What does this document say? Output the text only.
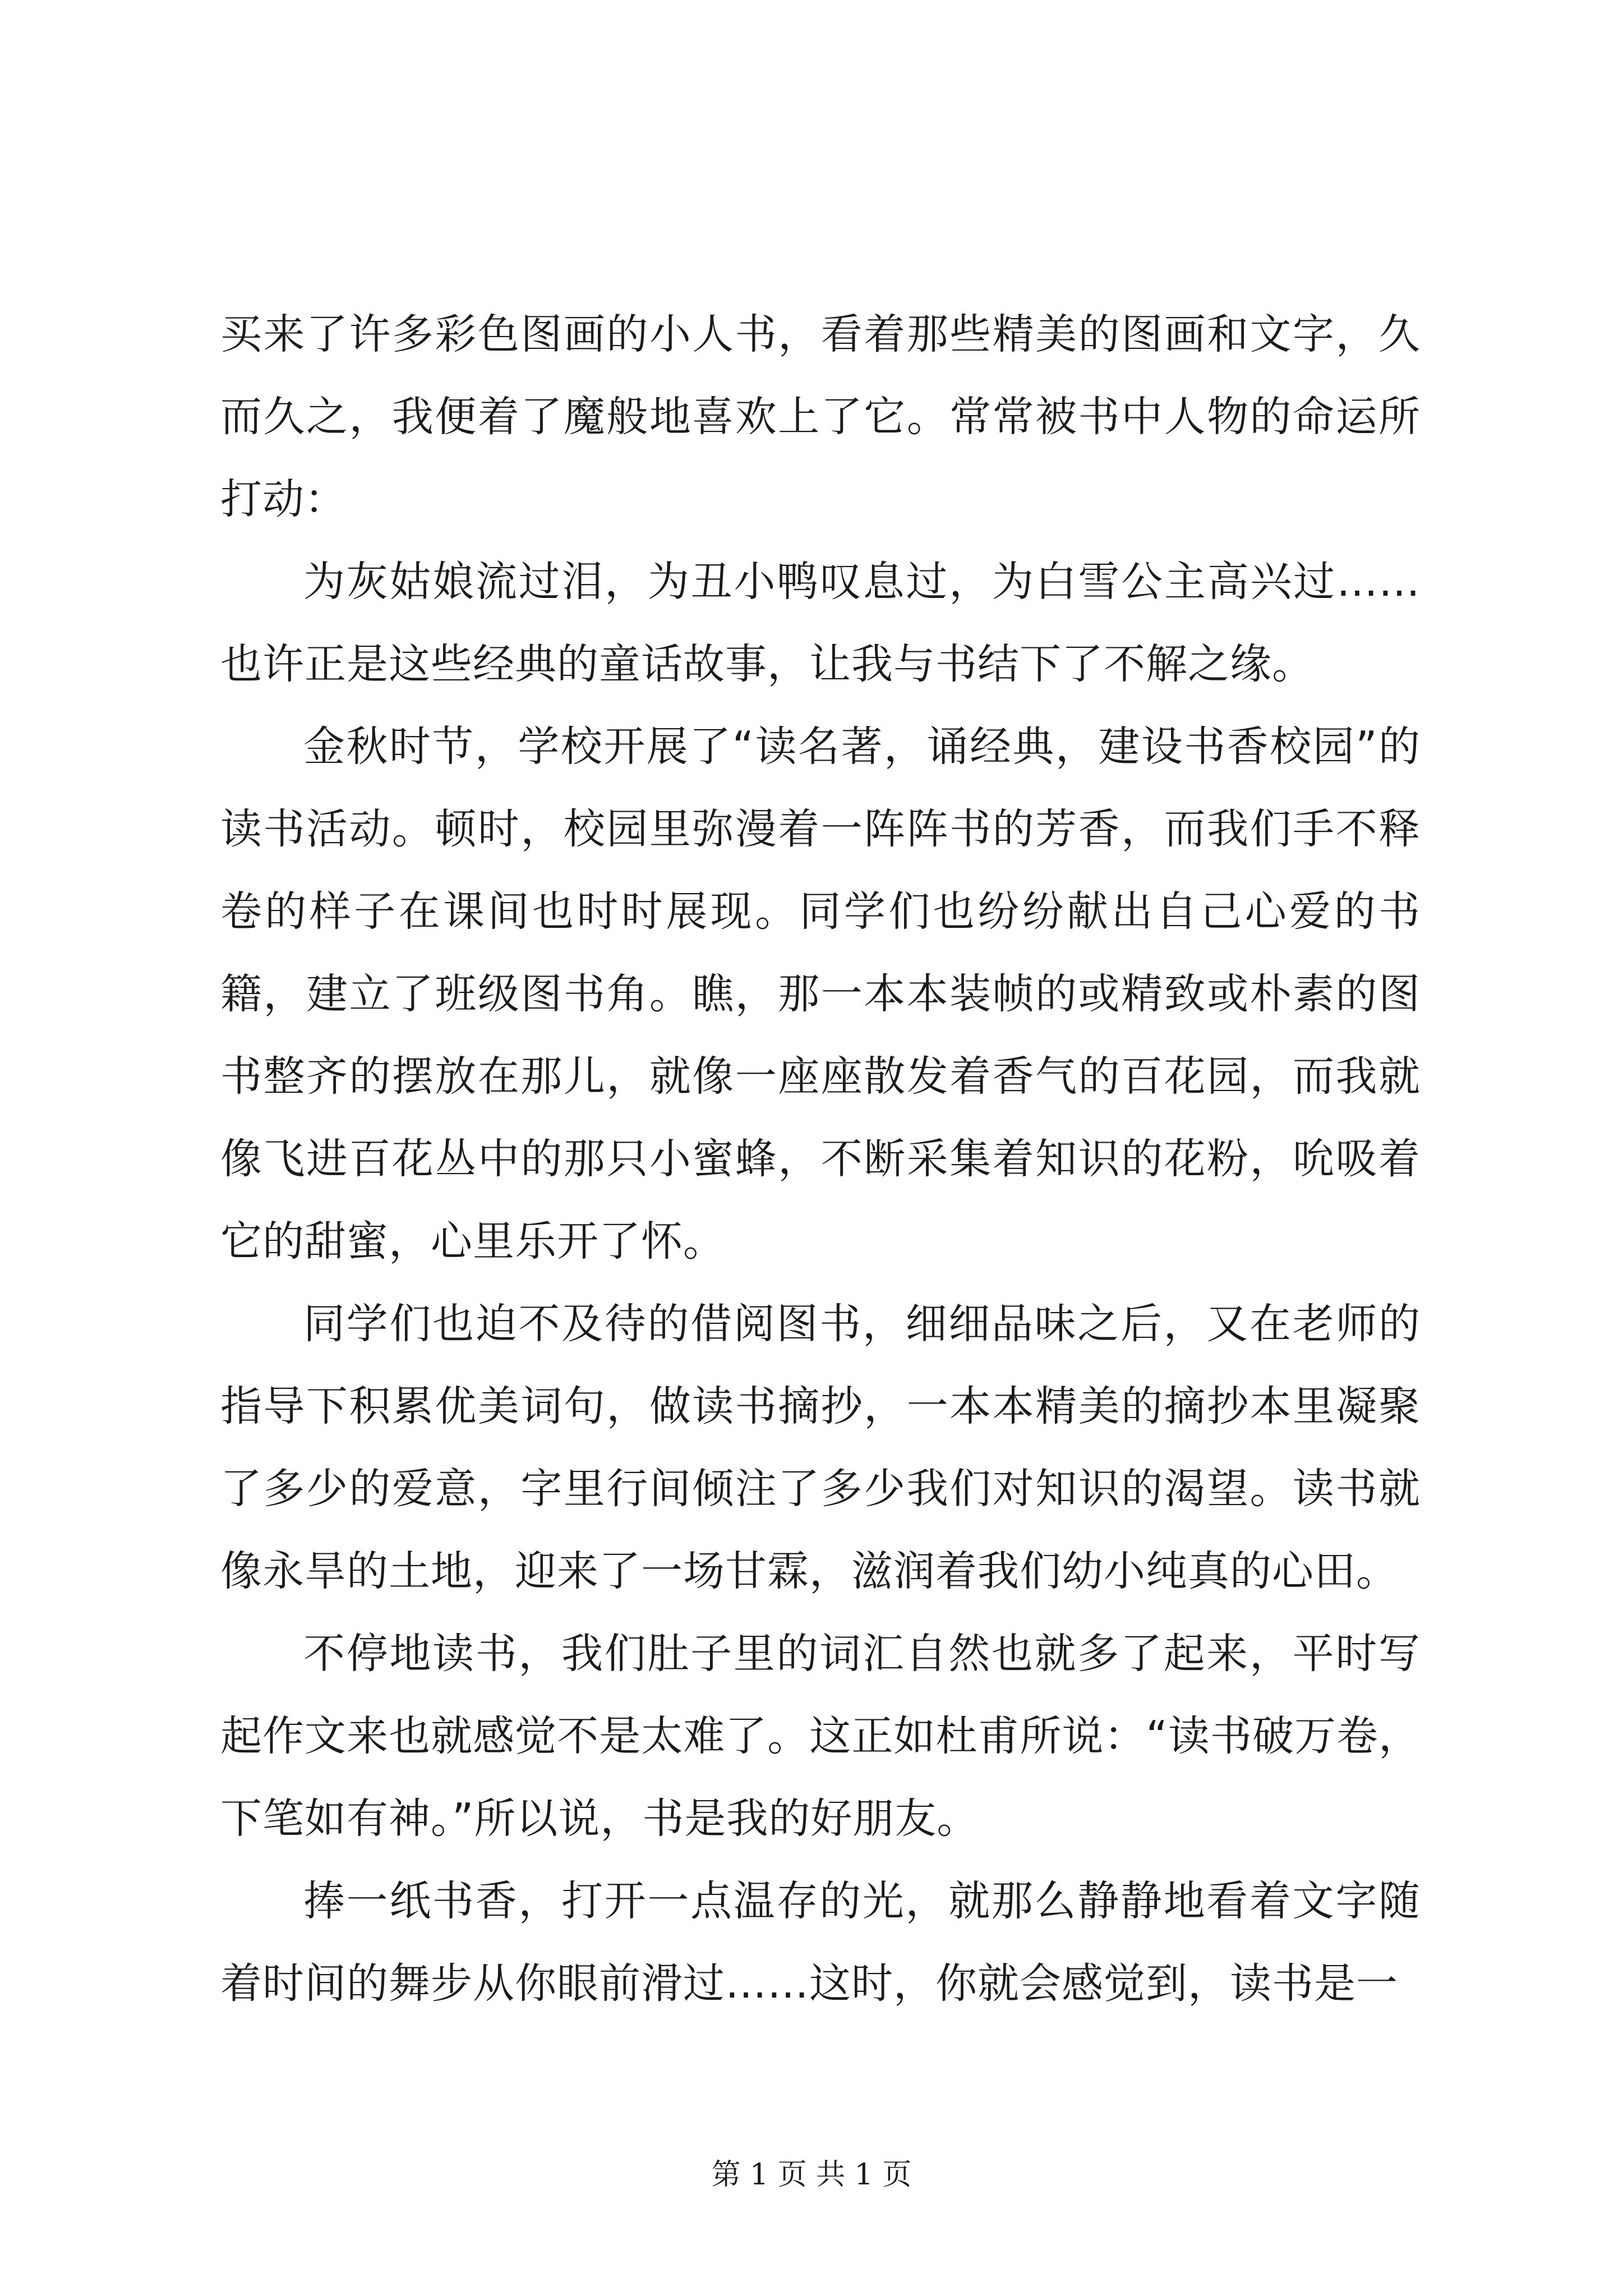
买来了许多彩色图画的小人书，看着那些精美的图画和文字，久而久之，我便着了魔般地喜欢上了它。常常被书中人物的命运所打动：

为灰姑娘流过泪，为丑小鸭叹息过，为白雪公主高兴过……也许正是这些经典的童话故事，让我与书结下了不解之缘。

金秋时节，学校开展了“读名著，诵经典，建设书香校园”的读书活动。顿时，校园里弥漫着一阵阵书的芳香，而我们手不释卷的样子在课间也时时展现。同学们也纷纷献出自己心爱的书籍，建立了班级图书角。瞧，那一本本装帧的或精致或朴素的图书整齐的摆放在那儿，就像一座座散发着香气的百花园，而我就像飞进百花丛中的那只小蜜蜂，不断采集着知识的花粉，吮吸着它的甜蜜，心里乐开了怀。

同学们也迫不及待的借阅图书，细细品味之后，又在老师的指导下积累优美词句，做读书摘抄，一本本精美的摘抄本里凝聚了多少的爱意，字里行间倾注了多少我们对知识的渴望。读书就像永旱的土地，迎来了一场甘霖，滋润着我们幼小纯真的心田。

不停地读书，我们肚子里的词汇自然也就多了起来，平时写起作文来也就感觉不是太难了。这正如杜甫所说：“读书破万卷，下笔如有神。”所以说，书是我的好朋友。

捧一纸书香，打开一点温存的光，就那么静静地看着文字随着时间的舞步从你眼前滑过……这时，你就会感觉到，读书是一

第 1 页 共 1 页
